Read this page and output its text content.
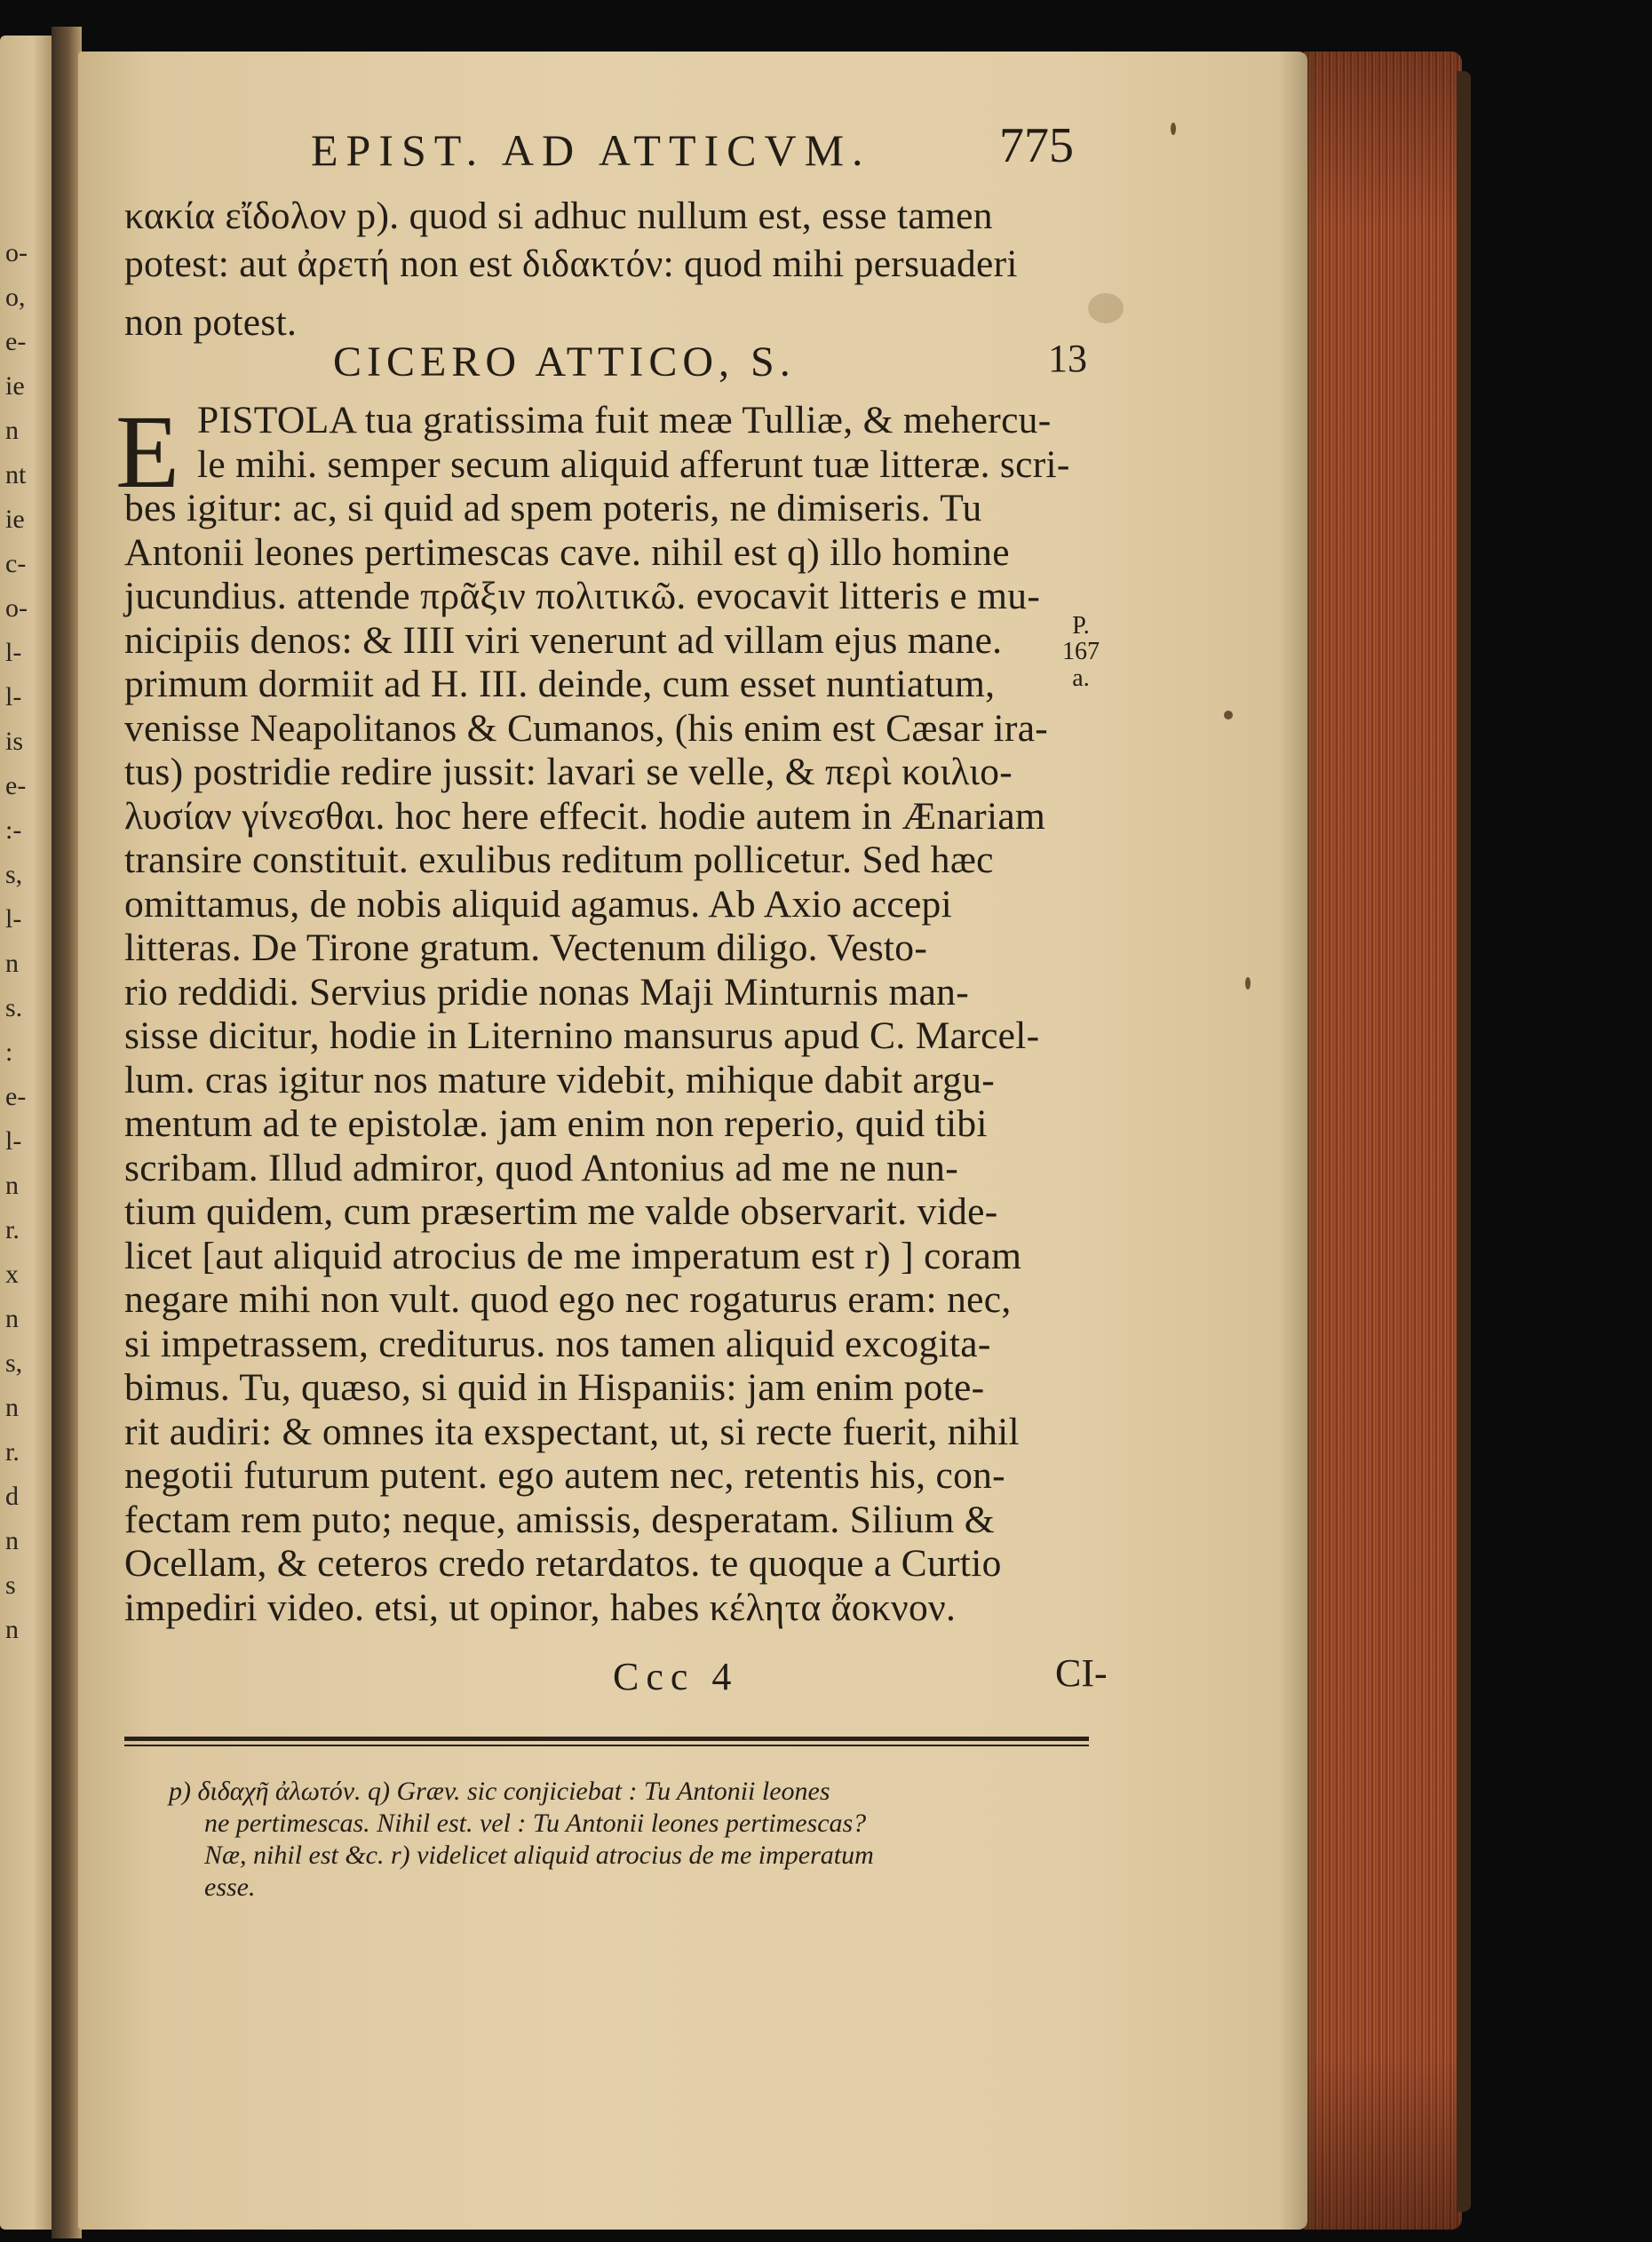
o-
o,
e-
ie
n
nt
ie
c-
o-
l-
l-
is
e-
:-
s,
l-
n
s.
:
e-
l-
n
r.
x
n
s,
n
r.
d
n
s
n
EPIST. AD ATTICVM.	775
κακία εἴδολον p). quod si adhuc nullum est, esse tamen
potest: aut ἀρετή non est διδακτόν: quod mihi persuaderi
non potest.
CICERO ATTICO, S.	13
E PISTOLA tua gratissima fuit meæ Tulliæ, & mehercu-
le mihi. semper secum aliquid afferunt tuæ litteræ. scri-
bes igitur: ac, si quid ad spem poteris, ne dimiseris. Tu
Antonii leones pertimescas cave. nihil est q) illo homine
jucundius. attende πρᾶξιν πολιτικῶ. evocavit litteris e mu-
nicipiis denos: & IIII viri venerunt ad villam ejus mane.
primum dormiit ad H. III. deinde, cum esset nuntiatum,
venisse Neapolitanos & Cumanos, (his enim est Cæsar ira-
tus) postridie redire jussit: lavari se velle, & περὶ κοιλιο-
λυσίαν γίνεσθαι. hoc here effecit. hodie autem in Ænariam
transire constituit. exulibus reditum pollicetur. Sed hæc
omittamus, de nobis aliquid agamus. Ab Axio accepi
litteras. De Tirone gratum. Vectenum diligo. Vesto-
rio reddidi. Servius pridie nonas Maji Minturnis man-
sisse dicitur, hodie in Liternino mansurus apud C. Marcel-
lum. cras igitur nos mature videbit, mihique dabit argu-
mentum ad te epistolæ. jam enim non reperio, quid tibi
scribam. Illud admiror, quod Antonius ad me ne nun-
tium quidem, cum præsertim me valde observarit. vide-
licet [aut aliquid atrocius de me imperatum est r) ] coram
negare mihi non vult. quod ego nec rogaturus eram: nec,
si impetrassem, crediturus. nos tamen aliquid excogita-
bimus. Tu, quæso, si quid in Hispaniis: jam enim pote-
rit audiri: & omnes ita exspectant, ut, si recte fuerit, nihil
negotii futurum putent. ego autem nec, retentis his, con-
fectam rem puto; neque, amissis, desperatam. Silium &
Ocellam, & ceteros credo retardatos. te quoque a Curtio
impediri video. etsi, ut opinor, habes κέλητα ἄοκνον.
P.
167
a.
Ccc 4	CI-
p) διδαχῆ ἀλωτόν. q) Græv. sic conjiciebat : Tu Antonii leones
ne pertimescas. Nihil est. vel : Tu Antonii leones pertimescas?
Næ, nihil est &c. r) videlicet aliquid atrocius de me imperatum
esse.
